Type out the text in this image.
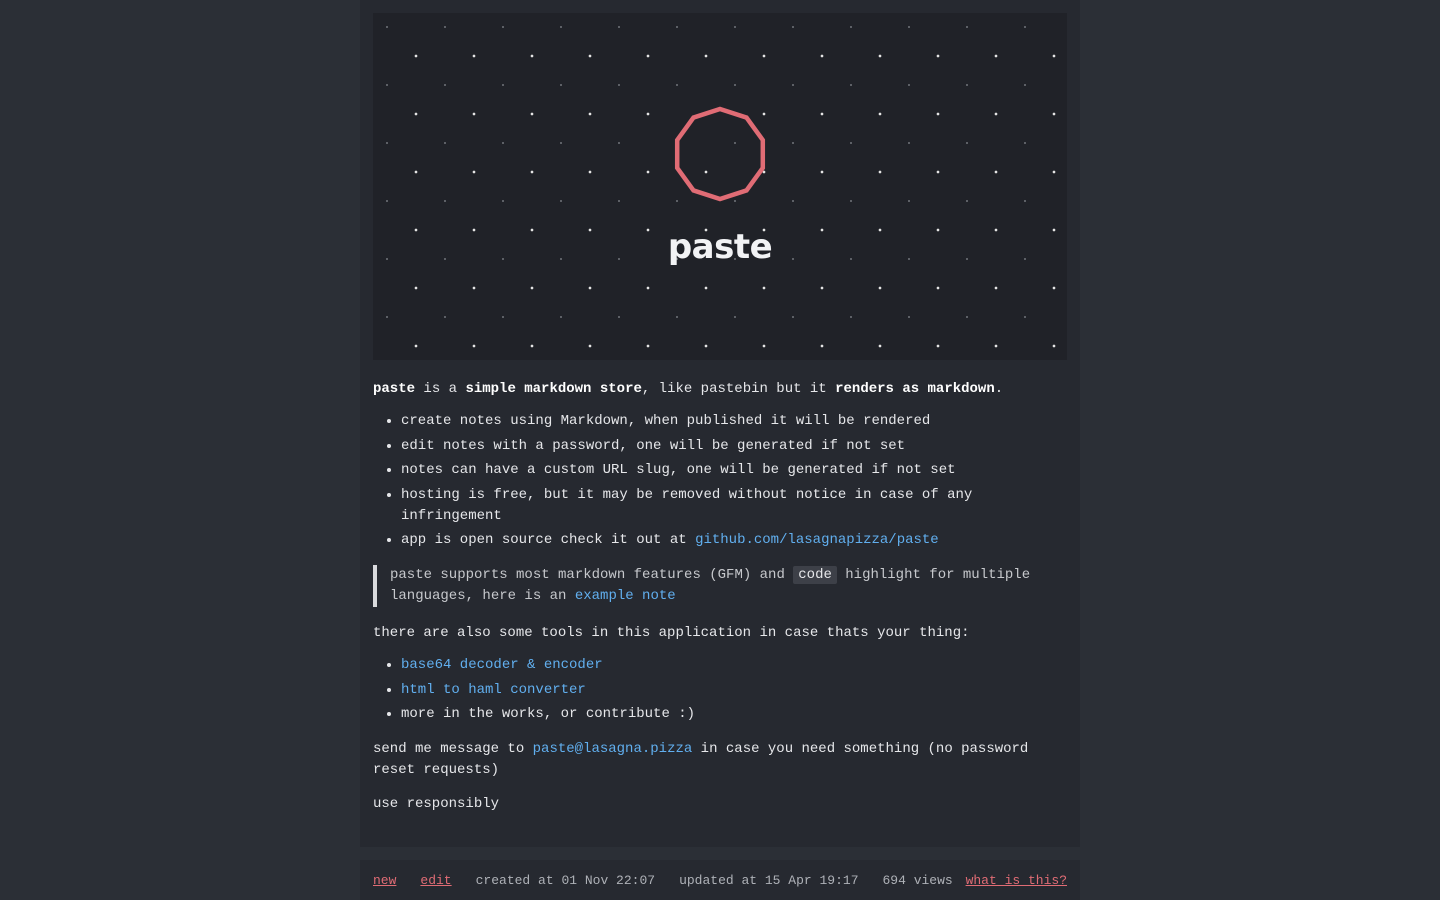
paste

paste is a simple markdown store, like pastebin but it renders as markdown.

• create notes using Markdown, when published it will be rendered
• edit notes with a password, one will be generated if not set
• notes can have a custom URL slug, one will be generated if not set
• hosting is free, but it may be removed without notice in case of any infringement
• app is open source check it out at github.com/lasagnapizza/paste
paste supports most markdown features (GFM) and code highlight for multiple languages, here is an example note

there are also some tools in this application in case thats your thing:

• base64 decoder & encoder
• html to haml converter
• more in the works, or contribute :)

send me message to paste@lasagna.pizza in case you need something (no password reset requests)

use responsibly

new edit created at 01 Nov 22:07 updated at 15 Apr 19:17 694 views what is this?
